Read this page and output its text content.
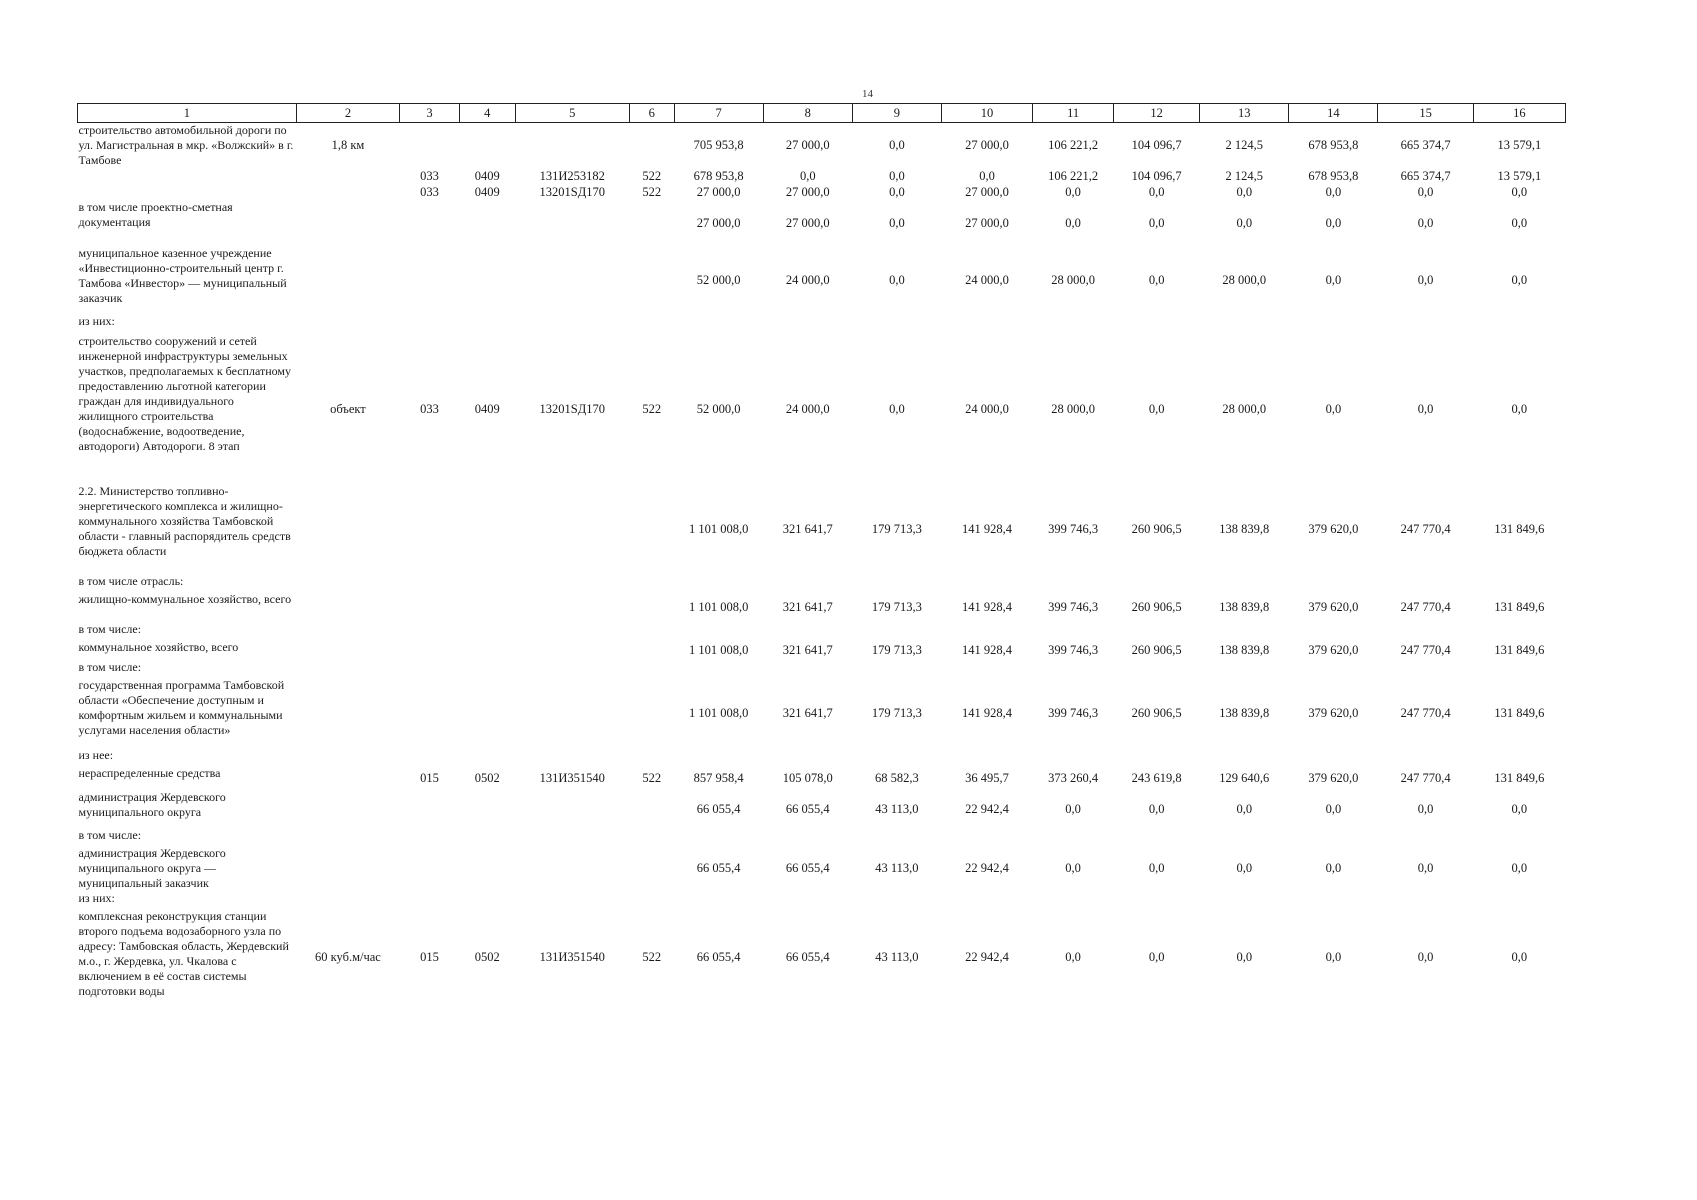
14
1	2	3	4	5	6	7	8	9	10	11	12	13	14	15	16
строительство автомобильной дороги по ул. Магистральная в мкр. «Волжский» в г. Тамбове	1,8 км					705 953,8	27 000,0	0,0	27 000,0	106 221,2	104 096,7	2 124,5	678 953,8	665 374,7	13 579,1
		033	0409	131И253182	522	678 953,8	0,0	0,0	0,0	106 221,2	104 096,7	2 124,5	678 953,8	665 374,7	13 579,1
		033	0409	13201SД170	522	27 000,0	27 000,0	0,0	27 000,0	0,0	0,0	0,0	0,0	0,0	0,0
в том числе проектно-сметная документация						27 000,0	27 000,0	0,0	27 000,0	0,0	0,0	0,0	0,0	0,0	0,0
муниципальное казенное учреждение «Инвестиционно-строительный центр г. Тамбова «Инвестор» — муниципальный заказчик						52 000,0	24 000,0	0,0	24 000,0	28 000,0	0,0	28 000,0	0,0	0,0	0,0
из них:															
строительство сооружений и сетей инженерной инфраструктуры земельных участков, предполагаемых к бесплатному предоставлению льготной категории граждан для индивидуального жилищного строительства (водоснабжение, водоотведение, автодороги) Автодороги. 8 этап	объект	033	0409	13201SД170	522	52 000,0	24 000,0	0,0	24 000,0	28 000,0	0,0	28 000,0	0,0	0,0	0,0
2.2. Министерство топливно-энергетического комплекса и жилищно-коммунального хозяйства Тамбовской области - главный распорядитель средств бюджета области						1 101 008,0	321 641,7	179 713,3	141 928,4	399 746,3	260 906,5	138 839,8	379 620,0	247 770,4	131 849,6
в том числе отрасль:															
жилищно-коммунальное хозяйство, всего						1 101 008,0	321 641,7	179 713,3	141 928,4	399 746,3	260 906,5	138 839,8	379 620,0	247 770,4	131 849,6
в том числе:															
коммунальное хозяйство, всего						1 101 008,0	321 641,7	179 713,3	141 928,4	399 746,3	260 906,5	138 839,8	379 620,0	247 770,4	131 849,6
в том числе:															
государственная программа Тамбовской области «Обеспечение доступным и комфортным жильем и коммунальными услугами населения области»						1 101 008,0	321 641,7	179 713,3	141 928,4	399 746,3	260 906,5	138 839,8	379 620,0	247 770,4	131 849,6
из нее:															
нераспределенные средства		015	0502	131И351540	522	857 958,4	105 078,0	68 582,3	36 495,7	373 260,4	243 619,8	129 640,6	379 620,0	247 770,4	131 849,6
администрация Жердевского муниципального округа						66 055,4	66 055,4	43 113,0	22 942,4	0,0	0,0	0,0	0,0	0,0	0,0
в том числе:															
администрация Жердевского муниципального округа — муниципальный заказчик						66 055,4	66 055,4	43 113,0	22 942,4	0,0	0,0	0,0	0,0	0,0	0,0
из них:															
комплексная реконструкция станции второго подъема водозаборного узла по адресу: Тамбовская область, Жердевский м.о., г. Жердевка, ул. Чкалова с включением в её состав системы подготовки воды	60 куб.м/час	015	0502	131И351540	522	66 055,4	66 055,4	43 113,0	22 942,4	0,0	0,0	0,0	0,0	0,0	0,0
